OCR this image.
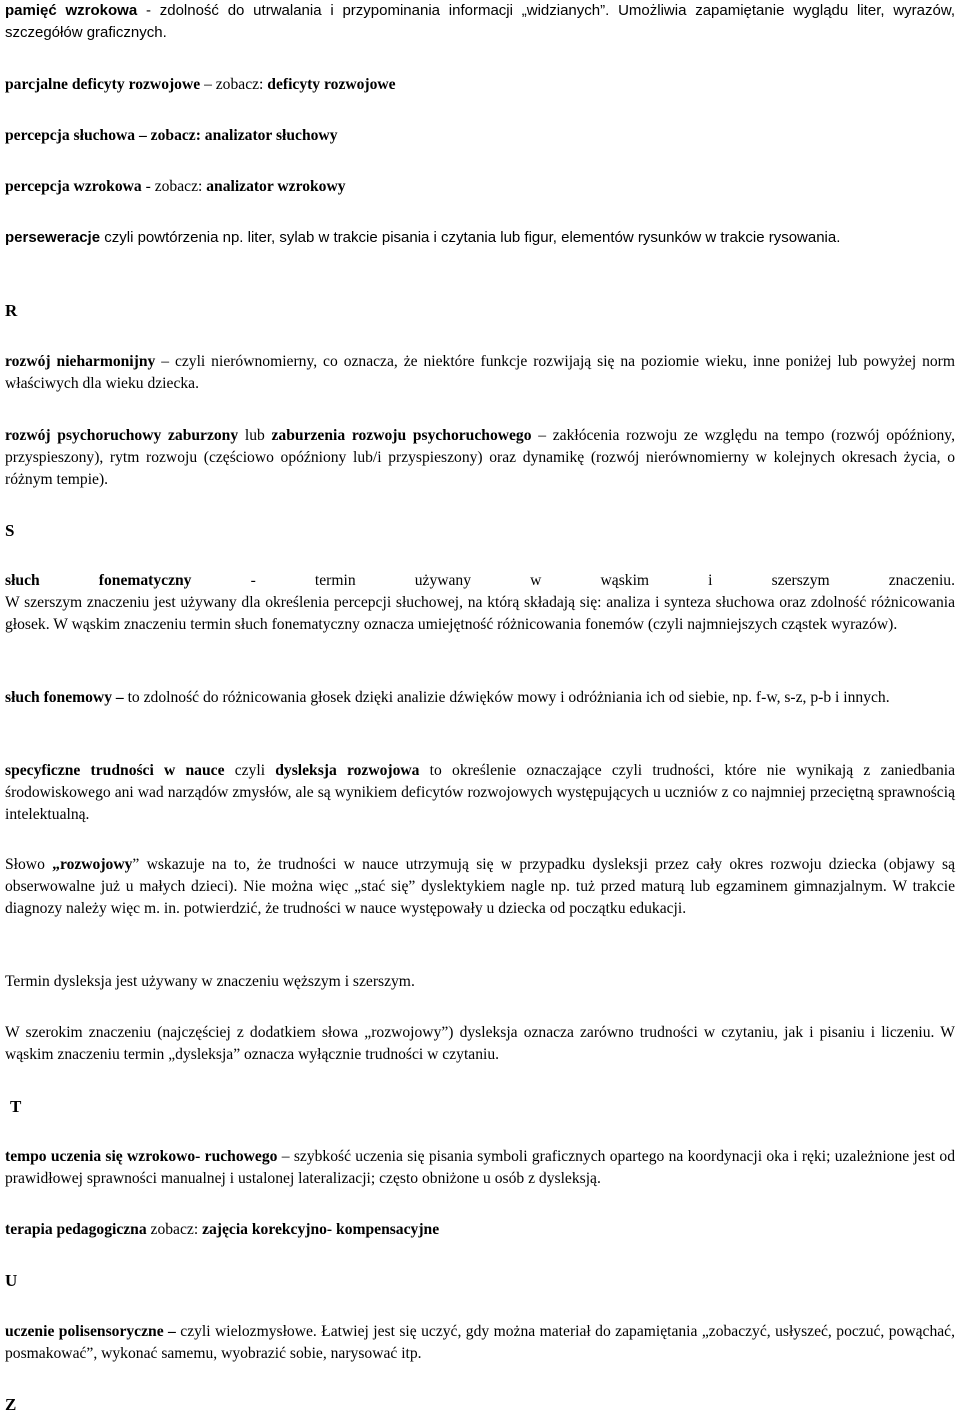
pamięć wzrokowa - zdolność do utrwalania i przypominania informacji „widzianych”. Umożliwia zapamiętanie wyglądu liter, wyrazów, szczegółów graficznych.
parcjalne deficyty rozwojowe – zobacz: deficyty rozwojowe
percepcja słuchowa – zobacz: analizator słuchowy
percepcja wzrokowa - zobacz: analizator wzrokowy
perseweracje czyli powtórzenia np. liter, sylab w trakcie pisania i czytania lub figur, elementów rysunków w trakcie rysowania.
R
rozwój nieharmonijny – czyli nierównomierny, co oznacza, że niektóre funkcje rozwijają się na poziomie wieku, inne poniżej lub powyżej norm właściwych dla wieku dziecka.
rozwój psychoruchowy zaburzony lub zaburzenia rozwoju psychoruchowego – zakłócenia rozwoju ze względu na tempo (rozwój opóźniony, przyspieszony), rytm rozwoju (częściowo opóźniony lub/i przyspieszony) oraz dynamikę (rozwój nierównomierny w kolejnych okresach życia, o różnym tempie).
S
słuch fonematyczny - termin używany w wąskim i szerszym znaczeniu.
W szerszym znaczeniu jest używany dla określenia percepcji słuchowej, na którą składają się: analiza i synteza słuchowa oraz zdolność różnicowania głosek. W wąskim znaczeniu termin słuch fonematyczny oznacza umiejętność różnicowania fonemów (czyli najmniejszych cząstek wyrazów).
słuch fonemowy – to zdolność do różnicowania głosek dzięki analizie dźwięków mowy i odróżniania ich od siebie, np. f-w, s-z, p-b i innych.
specyficzne trudności w nauce czyli dysleksja rozwojowa to określenie oznaczające czyli trudności, które nie wynikają z zaniedbania środowiskowego ani wad narządów zmysłów, ale są wynikiem deficytów rozwojowych występujących u uczniów z co najmniej przeciętną sprawnością intelektualną.
Słowo „rozwojowy” wskazuje na to, że trudności w nauce utrzymują się w przypadku dysleksji przez cały okres rozwoju dziecka (objawy są obserwowalne już u małych dzieci). Nie można więc „stać się” dyslektykiem nagle np. tuż przed maturą lub egzaminem gimnazjalnym. W trakcie diagnozy należy więc m. in. potwierdzić, że trudności w nauce występowały u dziecka od początku edukacji.
Termin dysleksja jest używany w znaczeniu węższym i szerszym.
W szerokim znaczeniu (najczęściej z dodatkiem słowa „rozwojowy”) dysleksja oznacza zarówno trudności w czytaniu, jak i pisaniu i liczeniu. W wąskim znaczeniu termin „dysleksja” oznacza wyłącznie trudności w czytaniu.
T
tempo uczenia się wzrokowo- ruchowego – szybkość uczenia się pisania symboli graficznych opartego na koordynacji oka i ręki; uzależnione jest od prawidłowej sprawności manualnej i ustalonej lateralizacji; często obniżone u osób z dysleksją.
terapia pedagogiczna zobacz: zajęcia korekcyjno- kompensacyjne
U
uczenie polisensoryczne – czyli wielozmysłowe. Łatwiej jest się uczyć, gdy można materiał do zapamiętania „zobaczyć, usłyszeć, poczuć, powąchać, posmakować”, wykonać samemu, wyobrazić sobie, narysować itp.
Z
